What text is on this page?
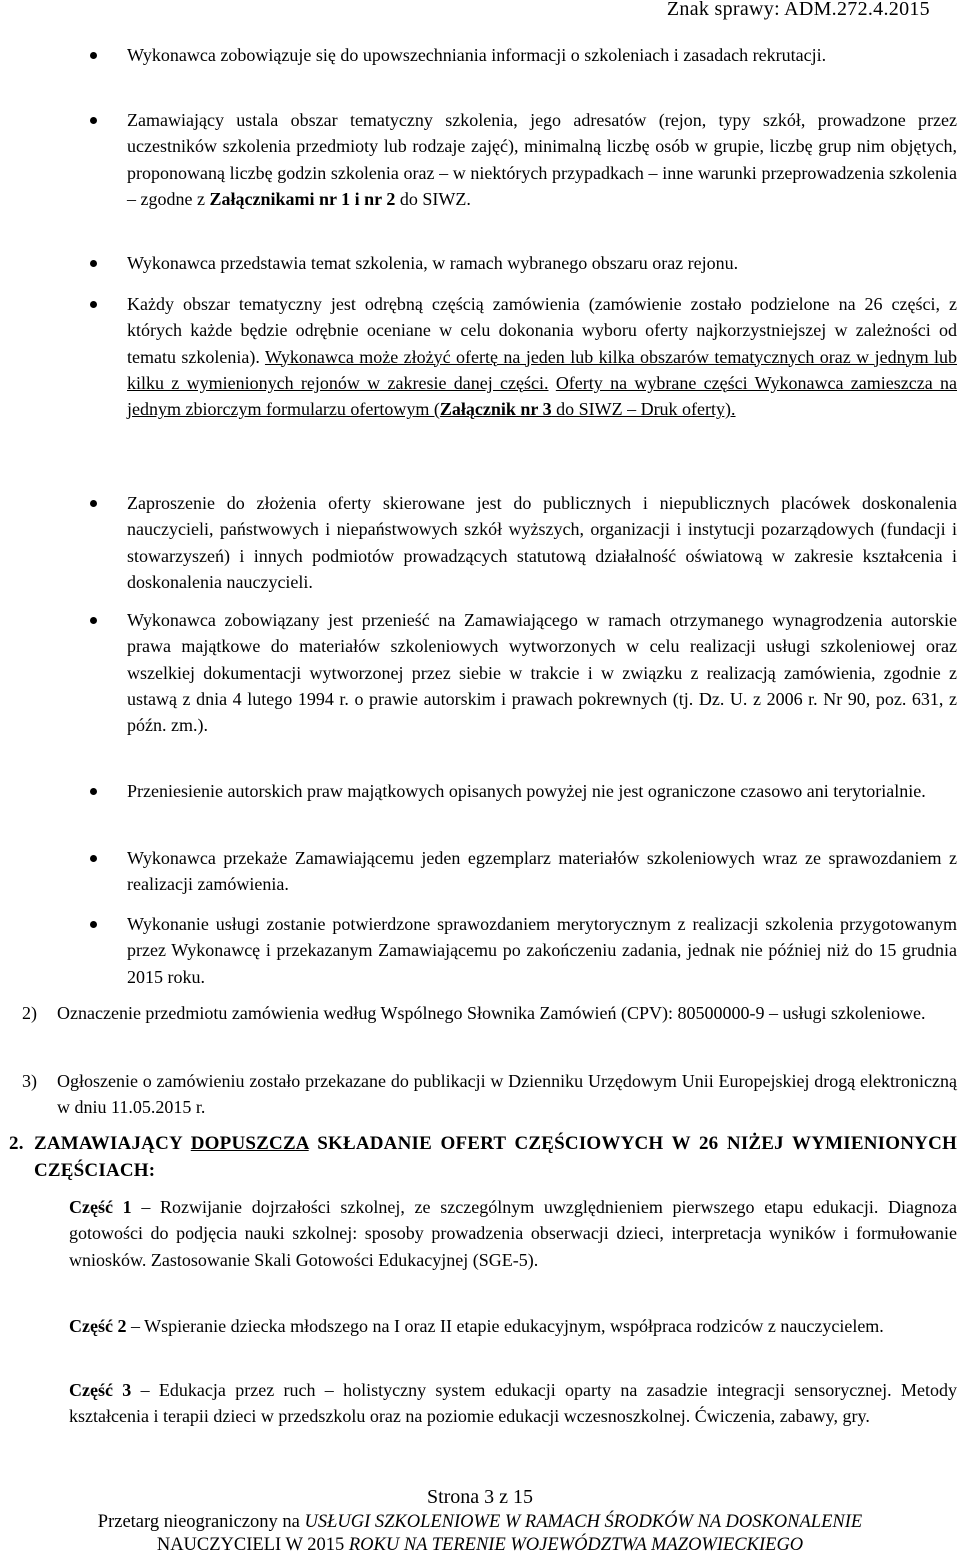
Znak sprawy: ADM.272.4.2015

Wykonawca zobowiązuje się do upowszechniania informacji o szkoleniach i zasadach rekrutacji.

Zamawiający ustala obszar tematyczny szkolenia, jego adresatów (rejon, typy szkół, prowadzone przez uczestników szkolenia przedmioty lub rodzaje zajęć), minimalną liczbę osób w grupie, liczbę grup nim objętych, proponowaną liczbę godzin szkolenia oraz – w niektórych przypadkach – inne warunki przeprowadzenia szkolenia – zgodne z Załącznikami nr 1 i nr 2 do SIWZ.

Wykonawca przedstawia temat szkolenia, w ramach wybranego obszaru oraz rejonu.

Każdy obszar tematyczny jest odrębną częścią zamówienia (zamówienie zostało podzielone na 26 części, z których każde będzie odrębnie oceniane w celu dokonania wyboru oferty najkorzystniejszej w zależności od tematu szkolenia). Wykonawca może złożyć ofertę na jeden lub kilka obszarów tematycznych oraz w jednym lub kilku z wymienionych rejonów w zakresie danej części. Oferty na wybrane części Wykonawca zamieszcza na jednym zbiorczym formularzu ofertowym (Załącznik nr 3 do SIWZ – Druk oferty).

Zaproszenie do złożenia oferty skierowane jest do publicznych i niepublicznych placówek doskonalenia nauczycieli, państwowych i niepaństwowych szkół wyższych, organizacji i instytucji pozarządowych (fundacji i stowarzyszeń) i innych podmiotów prowadzących statutową działalność oświatową w zakresie kształcenia i doskonalenia nauczycieli.

Wykonawca zobowiązany jest przenieść na Zamawiającego w ramach otrzymanego wynagrodzenia autorskie prawa majątkowe do materiałów szkoleniowych wytworzonych w celu realizacji usługi szkoleniowej oraz wszelkiej dokumentacji wytworzonej przez siebie w trakcie i w związku z realizacją zamówienia, zgodnie z ustawą z dnia 4 lutego 1994 r. o prawie autorskim i prawach pokrewnych (tj. Dz. U. z 2006 r. Nr 90, poz. 631, z późn. zm.).

Przeniesienie autorskich praw majątkowych opisanych powyżej nie jest ograniczone czasowo ani terytorialnie.

Wykonawca przekaże Zamawiającemu jeden egzemplarz materiałów szkoleniowych wraz ze sprawozdaniem z realizacji zamówienia.

Wykonanie usługi zostanie potwierdzone sprawozdaniem merytorycznym z realizacji szkolenia przygotowanym przez Wykonawcę i przekazanym Zamawiającemu po zakończeniu zadania, jednak nie później niż do 15 grudnia 2015 roku.

2) Oznaczenie przedmiotu zamówienia według Wspólnego Słownika Zamówień (CPV): 80500000-9 – usługi szkoleniowe.

3) Ogłoszenie o zamówieniu zostało przekazane do publikacji w Dzienniku Urzędowym Unii Europejskiej drogą elektroniczną w dniu 11.05.2015 r.

2. ZAMAWIAJĄCY DOPUSZCZA SKŁADANIE OFERT CZĘŚCIOWYCH W 26 NIŻEJ WYMIENIONYCH CZĘŚCIACH:

Część 1 – Rozwijanie dojrzałości szkolnej, ze szczególnym uwzględnieniem pierwszego etapu edukacji. Diagnoza gotowości do podjęcia nauki szkolnej: sposoby prowadzenia obserwacji dzieci, interpretacja wyników i formułowanie wniosków. Zastosowanie Skali Gotowości Edukacyjnej (SGE-5).

Część 2 – Wspieranie dziecka młodszego na I oraz II etapie edukacyjnym, współpraca rodziców z nauczycielem.

Część 3 – Edukacja przez ruch – holistyczny system edukacji oparty na zasadzie integracji sensorycznej. Metody kształcenia i terapii dzieci w przedszkolu oraz na poziomie edukacji wczesnoszkolnej. Ćwiczenia, zabawy, gry.

Strona 3 z 15
Przetarg nieograniczony na USŁUGI SZKOLENIOWE W RAMACH ŚRODKÓW NA DOSKONALENIE
NAUCZYCIELI W 2015 ROKU NA TERENIE WOJEWÓDZTWA MAZOWIECKIEGO
